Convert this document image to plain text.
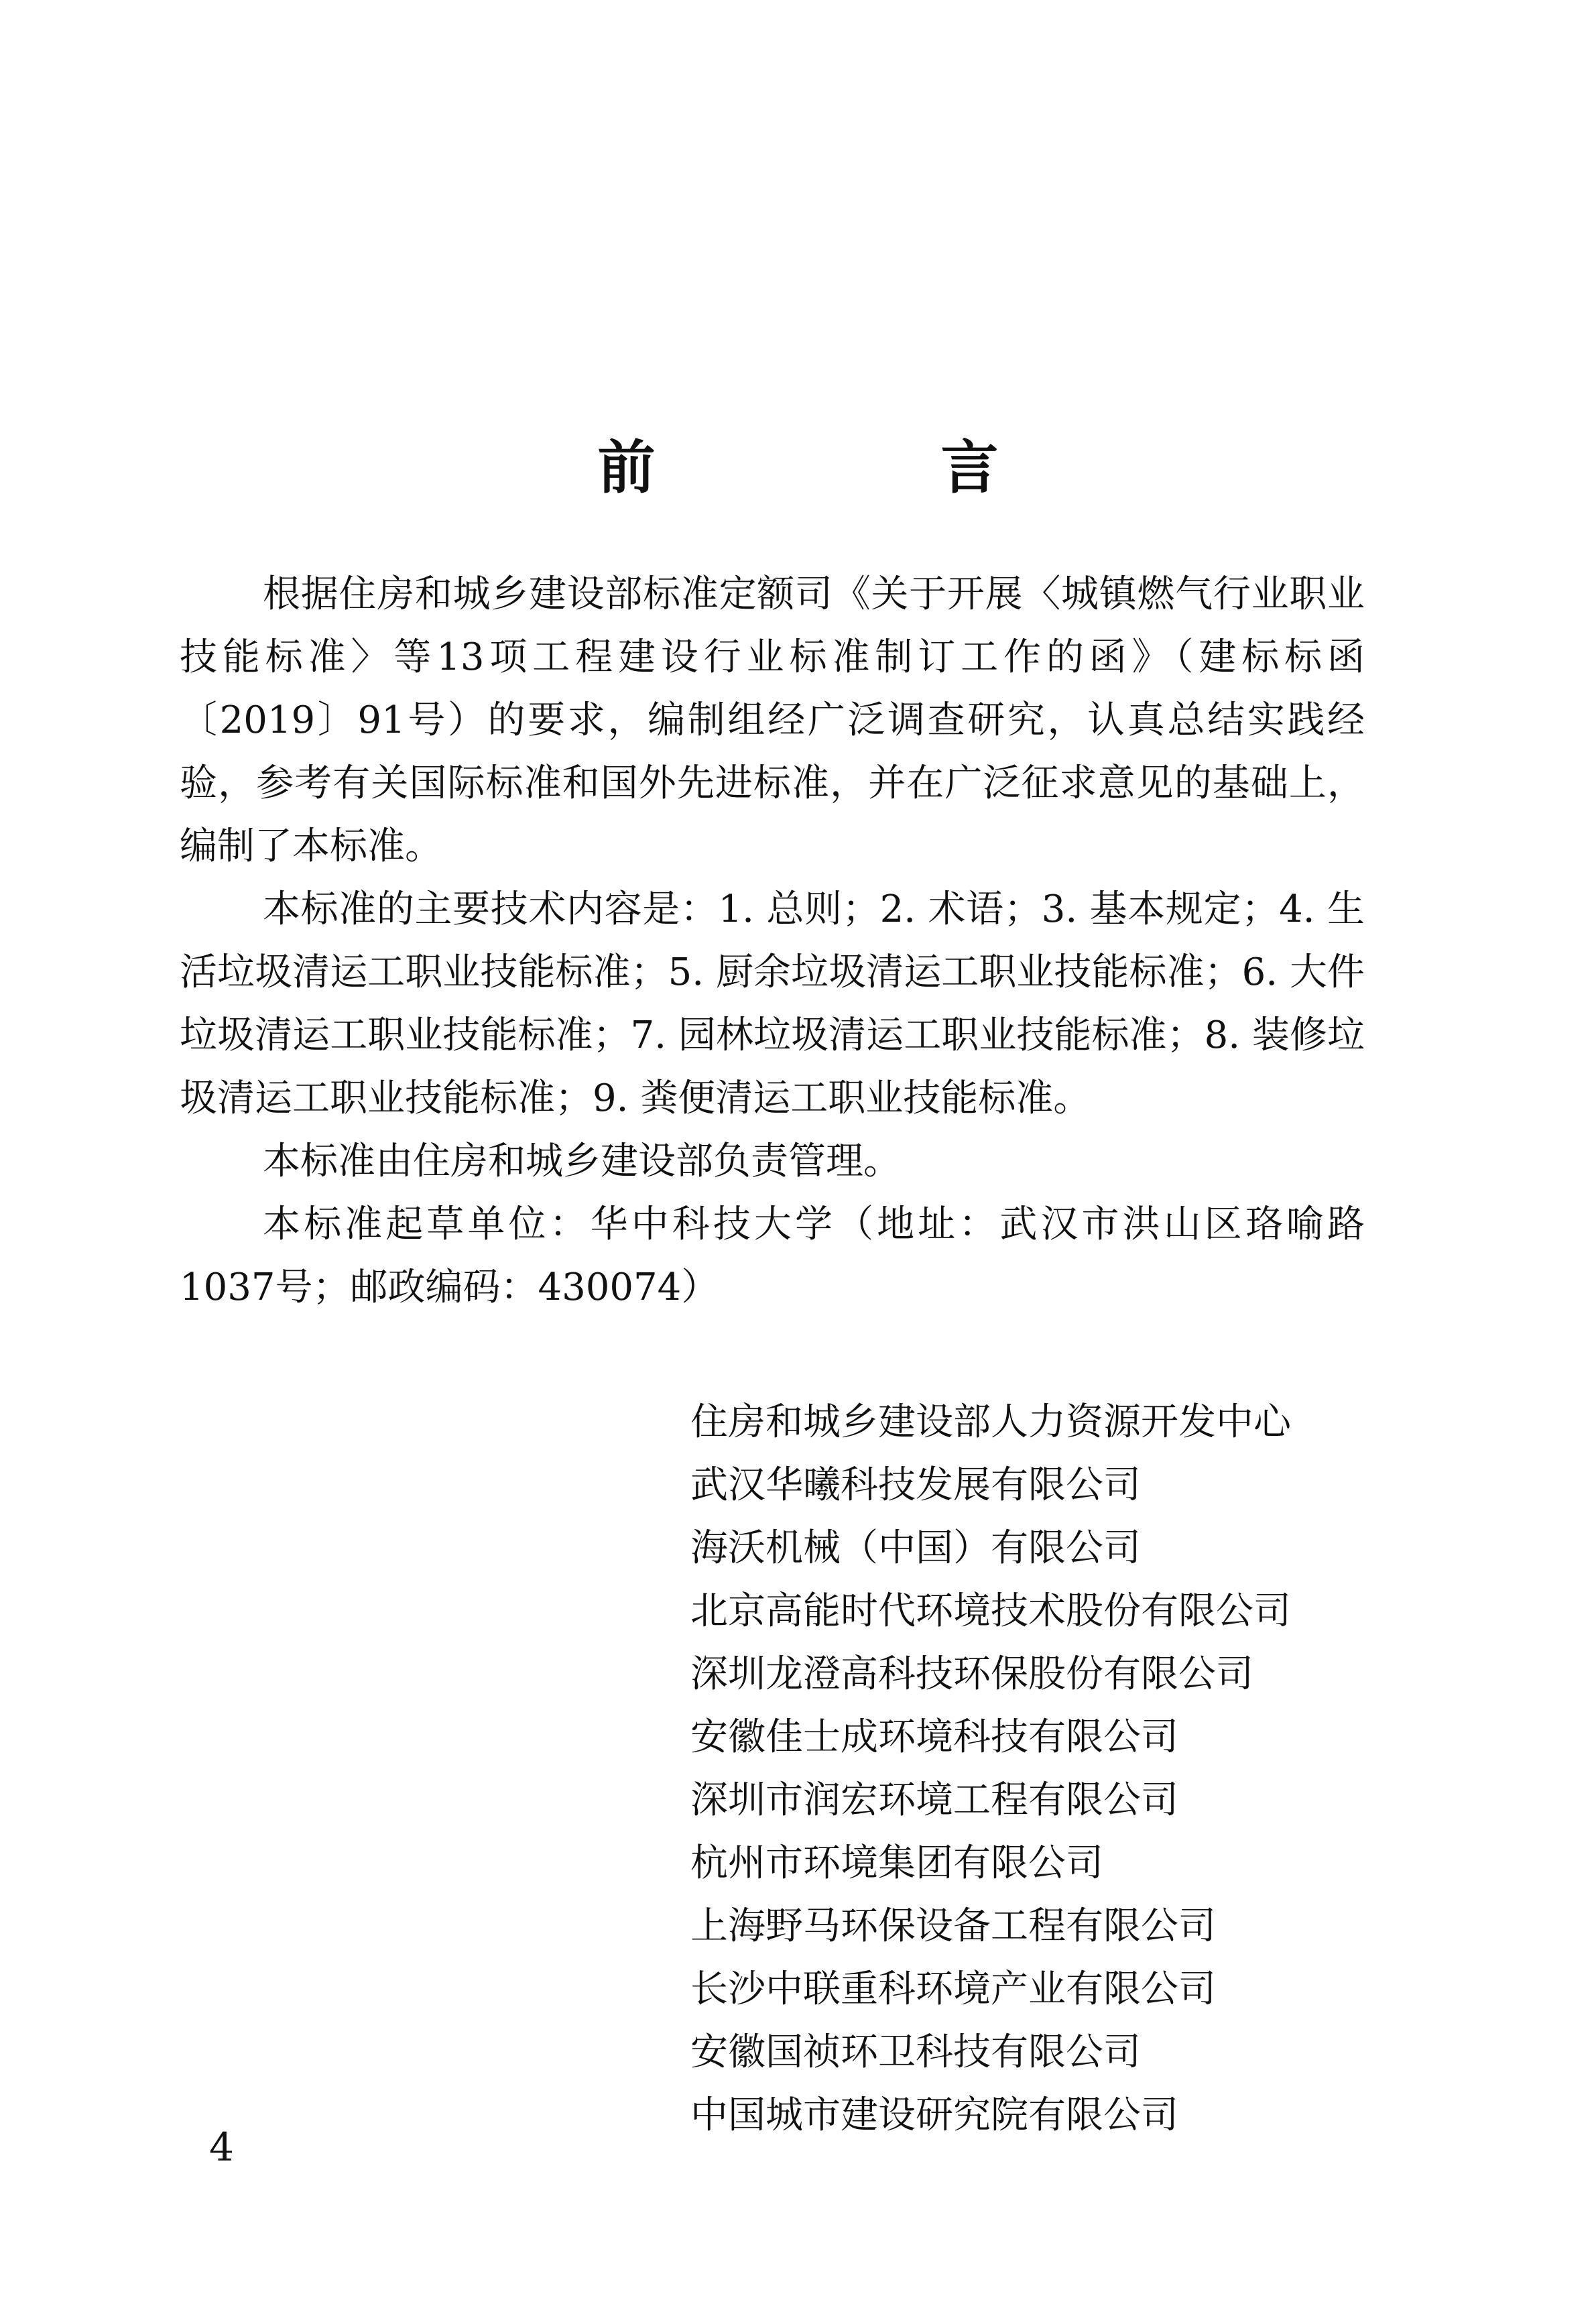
前　言

根据住房和城乡建设部标准定额司《关于开展〈城镇燃气行业职业技能标准〉等13项工程建设行业标准制订工作的函》（建标标函〔2019〕91号）的要求，编制组经广泛调查研究，认真总结实践经验，参考有关国际标准和国外先进标准，并在广泛征求意见的基础上，编制了本标准。

本标准的主要技术内容是：1. 总则；2. 术语；3. 基本规定；4. 生活垃圾清运工职业技能标准；5. 厨余垃圾清运工职业技能标准；6. 大件垃圾清运工职业技能标准；7. 园林垃圾清运工职业技能标准；8. 装修垃圾清运工职业技能标准；9. 粪便清运工职业技能标准。

本标准由住房和城乡建设部负责管理。

本标准起草单位：华中科技大学（地址：武汉市洪山区珞喻路1037号；邮政编码：430074）

住房和城乡建设部人力资源开发中心
武汉华曦科技发展有限公司
海沃机械（中国）有限公司
北京高能时代环境技术股份有限公司
深圳龙澄高科技环保股份有限公司
安徽佳士成环境科技有限公司
深圳市润宏环境工程有限公司
杭州市环境集团有限公司
上海野马环保设备工程有限公司
长沙中联重科环境产业有限公司
安徽国祯环卫科技有限公司
中国城市建设研究院有限公司
4
